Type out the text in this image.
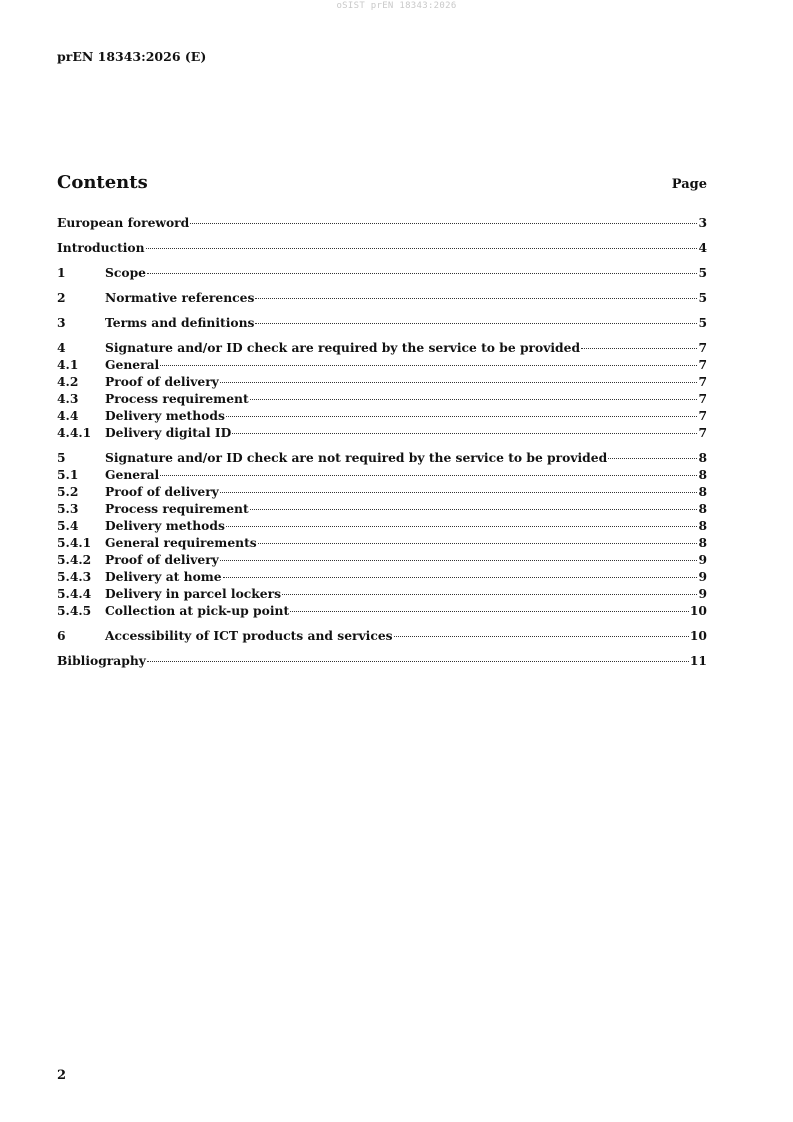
oSIST prEN 18343:2026
prEN 18343:2026 (E)
Contents	Page
European foreword	3
Introduction	4
1	Scope	5
2	Normative references	5
3	Terms and definitions	5
4	Signature and/or ID check are required by the service to be provided	7
4.1	General	7
4.2	Proof of delivery	7
4.3	Process requirement	7
4.4	Delivery methods	7
4.4.1	Delivery digital ID	7
5	Signature and/or ID check are not required by the service to be provided	8
5.1	General	8
5.2	Proof of delivery	8
5.3	Process requirement	8
5.4	Delivery methods	8
5.4.1	General requirements	8
5.4.2	Proof of delivery	9
5.4.3	Delivery at home	9
5.4.4	Delivery in parcel lockers	9
5.4.5	Collection at pick-up point	10
6	Accessibility of ICT products and services	10
Bibliography	11
2
